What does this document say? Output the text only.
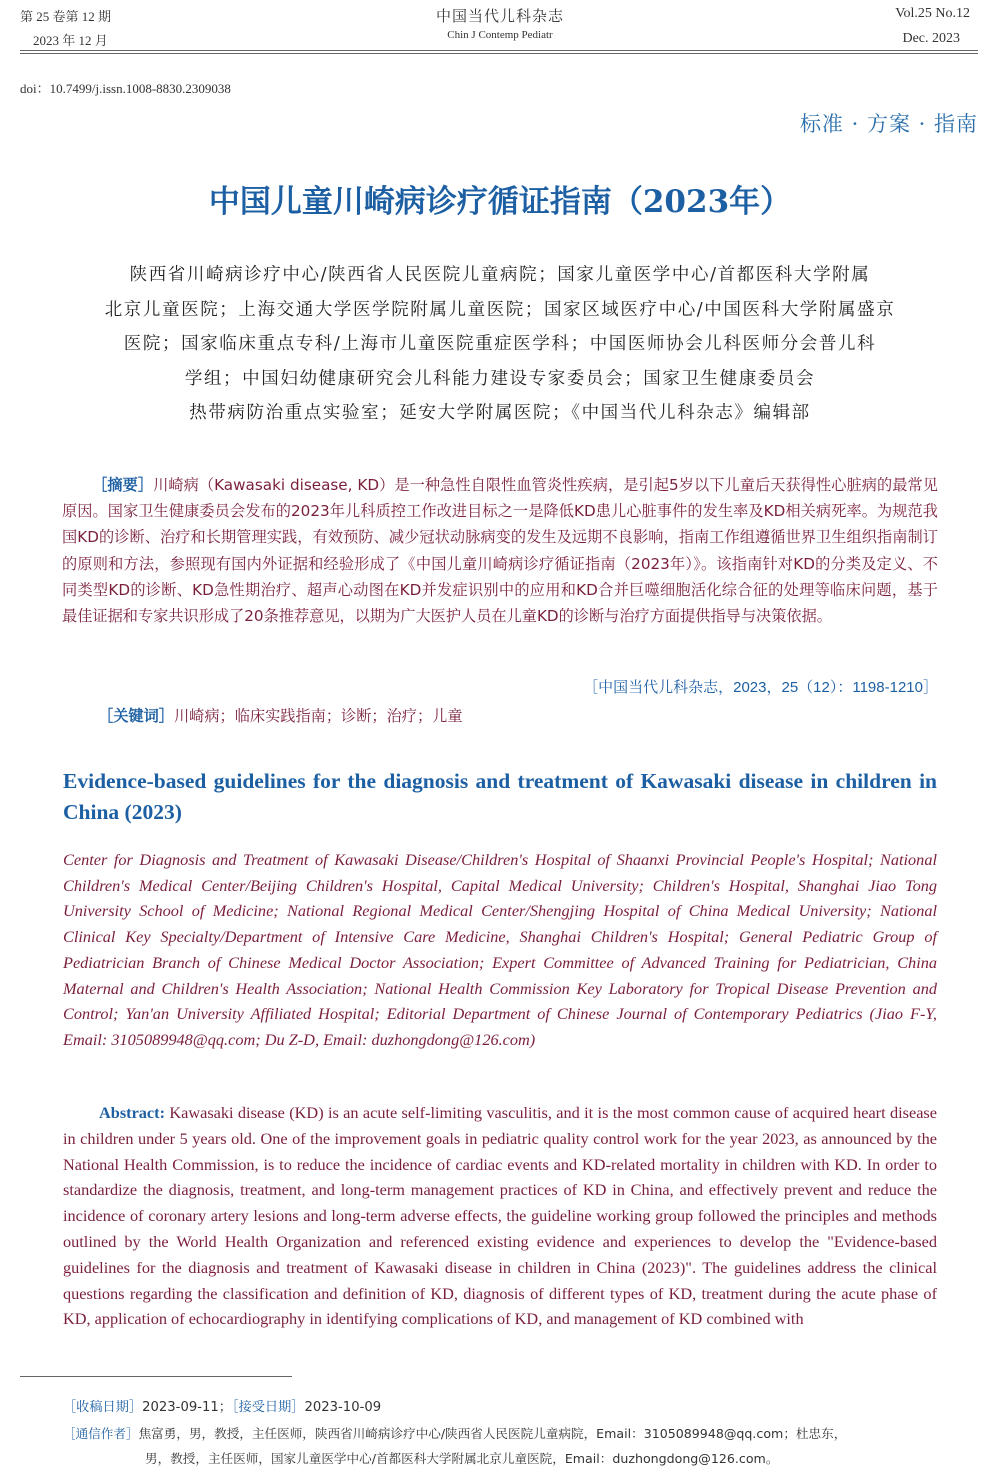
第 25 卷第 12 期
2023 年 12 月
中国当代儿科杂志
Chin J Contemp Pediatr
Vol.25 No.12
Dec. 2023
doi：10.7499/j.issn.1008-8830.2309038
标准 · 方案 · 指南
中国儿童川崎病诊疗循证指南（2023年）
陕西省川崎病诊疗中心/陕西省人民医院儿童病院；国家儿童医学中心/首都医科大学附属
北京儿童医院；上海交通大学医学院附属儿童医院；国家区域医疗中心/中国医科大学附属盛京
医院；国家临床重点专科/上海市儿童医院重症医学科；中国医师协会儿科医师分会普儿科
学组；中国妇幼健康研究会儿科能力建设专家委员会；国家卫生健康委员会
热带病防治重点实验室；延安大学附属医院；《中国当代儿科杂志》编辑部
［摘要］川崎病（Kawasaki disease, KD）是一种急性自限性血管炎性疾病，是引起5岁以下儿童后天获得性心脏病的最常见原因。国家卫生健康委员会发布的2023年儿科质控工作改进目标之一是降低KD患儿心脏事件的发生率及KD相关病死率。为规范我国KD的诊断、治疗和长期管理实践，有效预防、减少冠状动脉病变的发生及远期不良影响，指南工作组遵循世界卫生组织指南制订的原则和方法，参照现有国内外证据和经验形成了《中国儿童川崎病诊疗循证指南（2023年）》。该指南针对KD的分类及定义、不同类型KD的诊断、KD急性期治疗、超声心动图在KD并发症识别中的应用和KD合并巨噬细胞活化综合征的处理等临床问题，基于最佳证据和专家共识形成了20条推荐意见，以期为广大医护人员在儿童KD的诊断与治疗方面提供指导与决策依据。
［中国当代儿科杂志，2023，25（12）：1198-1210］
［关键词］川崎病；临床实践指南；诊断；治疗；儿童
Evidence-based guidelines for the diagnosis and treatment of Kawasaki disease in children in China (2023)
Center for Diagnosis and Treatment of Kawasaki Disease/Children's Hospital of Shaanxi Provincial People's Hospital; National Children's Medical Center/Beijing Children's Hospital, Capital Medical University; Children's Hospital, Shanghai Jiao Tong University School of Medicine; National Regional Medical Center/Shengjing Hospital of China Medical University; National Clinical Key Specialty/Department of Intensive Care Medicine, Shanghai Children's Hospital; General Pediatric Group of Pediatrician Branch of Chinese Medical Doctor Association; Expert Committee of Advanced Training for Pediatrician, China Maternal and Children's Health Association; National Health Commission Key Laboratory for Tropical Disease Prevention and Control; Yan'an University Affiliated Hospital; Editorial Department of Chinese Journal of Contemporary Pediatrics (Jiao F-Y, Email: 3105089948@qq.com; Du Z-D, Email: duzhongdong@126.com)
Abstract: Kawasaki disease (KD) is an acute self-limiting vasculitis, and it is the most common cause of acquired heart disease in children under 5 years old. One of the improvement goals in pediatric quality control work for the year 2023, as announced by the National Health Commission, is to reduce the incidence of cardiac events and KD-related mortality in children with KD. In order to standardize the diagnosis, treatment, and long-term management practices of KD in China, and effectively prevent and reduce the incidence of coronary artery lesions and long-term adverse effects, the guideline working group followed the principles and methods outlined by the World Health Organization and referenced existing evidence and experiences to develop the "Evidence-based guidelines for the diagnosis and treatment of Kawasaki disease in children in China (2023)". The guidelines address the clinical questions regarding the classification and definition of KD, diagnosis of different types of KD, treatment during the acute phase of KD, application of echocardiography in identifying complications of KD, and management of KD combined with
［收稿日期］2023-09-11；［接受日期］2023-10-09
［通信作者］焦富勇，男，教授，主任医师，陕西省川崎病诊疗中心/陕西省人民医院儿童病院，Email：3105089948@qq.com；杜忠东，
男，教授，主任医师，国家儿童医学中心/首都医科大学附属北京儿童医院，Email：duzhongdong@126.com。
